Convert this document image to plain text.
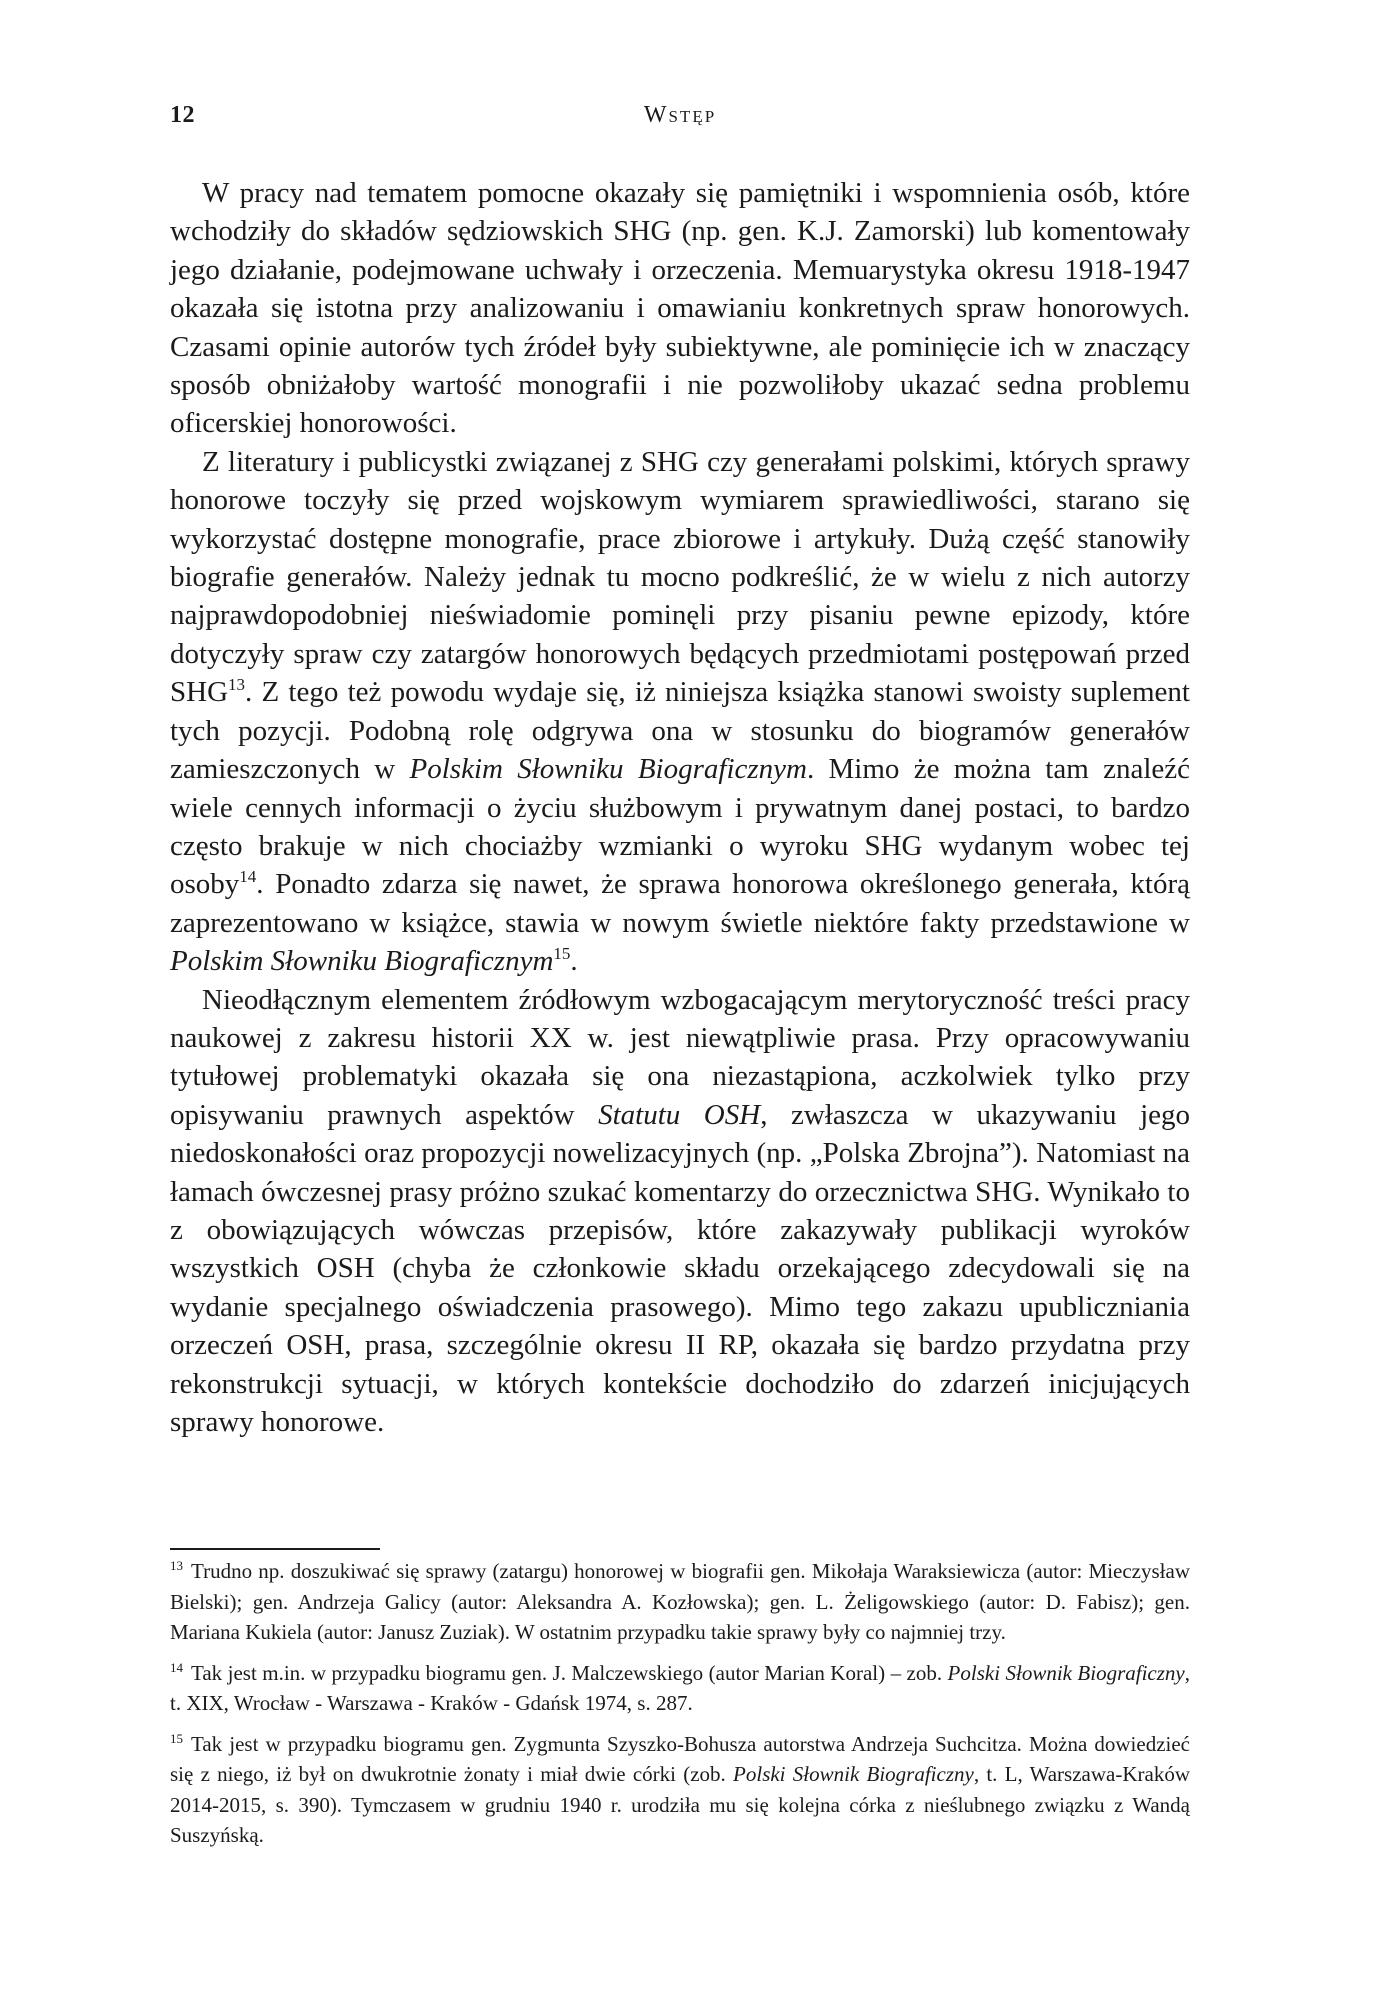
12	Wstęp

W pracy nad tematem pomocne okazały się pamiętniki i wspomnienia osób, które wchodziły do składów sędziowskich SHG (np. gen. K.J. Zamorski) lub komentowały jego działanie, podejmowane uchwały i orzeczenia. Memuarystyka okresu 1918-1947 okazała się istotna przy analizowaniu i omawianiu konkretnych spraw honorowych. Czasami opinie autorów tych źródeł były subiektywne, ale pominięcie ich w znaczący sposób obniżałoby wartość monografii i nie pozwoliłoby ukazać sedna problemu oficerskiej honorowości.

Z literatury i publicystki związanej z SHG czy generałami polskimi, których sprawy honorowe toczyły się przed wojskowym wymiarem sprawiedliwości, starano się wykorzystać dostępne monografie, prace zbiorowe i artykuły. Dużą część stanowiły biografie generałów. Należy jednak tu mocno podkreślić, że w wielu z nich autorzy najprawdopodobniej nieświadomie pominęli przy pisaniu pewne epizody, które dotyczyły spraw czy zatargów honorowych będących przedmiotami postępowań przed SHG$^{13}$. Z tego też powodu wydaje się, iż niniejsza książka stanowi swoisty suplement tych pozycji. Podobną rolę odgrywa ona w stosunku do biogramów generałów zamieszczonych w Polskim Słowniku Biograficznym. Mimo że można tam znaleźć wiele cennych informacji o życiu służbowym i prywatnym danej postaci, to bardzo często brakuje w nich chociażby wzmianki o wyroku SHG wydanym wobec tej osoby$^{14}$. Ponadto zdarza się nawet, że sprawa honorowa określonego generała, którą zaprezentowano w książce, stawia w nowym świetle niektóre fakty przedstawione w Polskim Słowniku Biograficznym$^{15}$.

Nieodłącznym elementem źródłowym wzbogacającym merytoryczność treści pracy naukowej z zakresu historii XX w. jest niewątpliwie prasa. Przy opracowywaniu tytułowej problematyki okazała się ona niezastąpiona, aczkolwiek tylko przy opisywaniu prawnych aspektów Statutu OSH, zwłaszcza w ukazywaniu jego niedoskonałości oraz propozycji nowelizacyjnych (np. „Polska Zbrojna”). Natomiast na łamach ówczesnej prasy próżno szukać komentarzy do orzecznictwa SHG. Wynikało to z obowiązujących wówczas przepisów, które zakazywały publikacji wyroków wszystkich OSH (chyba że członkowie składu orzekającego zdecydowali się na wydanie specjalnego oświadczenia prasowego). Mimo tego zakazu upubliczniania orzeczeń OSH, prasa, szczególnie okresu II RP, okazała się bardzo przydatna przy rekonstrukcji sytuacji, w których kontekście dochodziło do zdarzeń inicjujących sprawy honorowe.

$^{13}$ Trudno np. doszukiwać się sprawy (zatargu) honorowej w biografii gen. Mikołaja Waraksiewicza (autor: Mieczysław Bielski); gen. Andrzeja Galicy (autor: Aleksandra A. Kozłowska); gen. L. Żeligowskiego (autor: D. Fabisz); gen. Mariana Kukiela (autor: Janusz Zuziak). W ostatnim przypadku takie sprawy były co najmniej trzy.

$^{14}$ Tak jest m.in. w przypadku biogramu gen. J. Malczewskiego (autor Marian Koral) – zob. Polski Słownik Biograficzny, t. XIX, Wrocław - Warszawa - Kraków - Gdańsk 1974, s. 287.

$^{15}$ Tak jest w przypadku biogramu gen. Zygmunta Szyszko-Bohusza autorstwa Andrzeja Suchcitza. Można dowiedzieć się z niego, iż był on dwukrotnie żonaty i miał dwie córki (zob. Polski Słownik Biograficzny, t. L, Warszawa-Kraków 2014-2015, s. 390). Tymczasem w grudniu 1940 r. urodziła mu się kolejna córka z nieślubnego związku z Wandą Suszyńską.
